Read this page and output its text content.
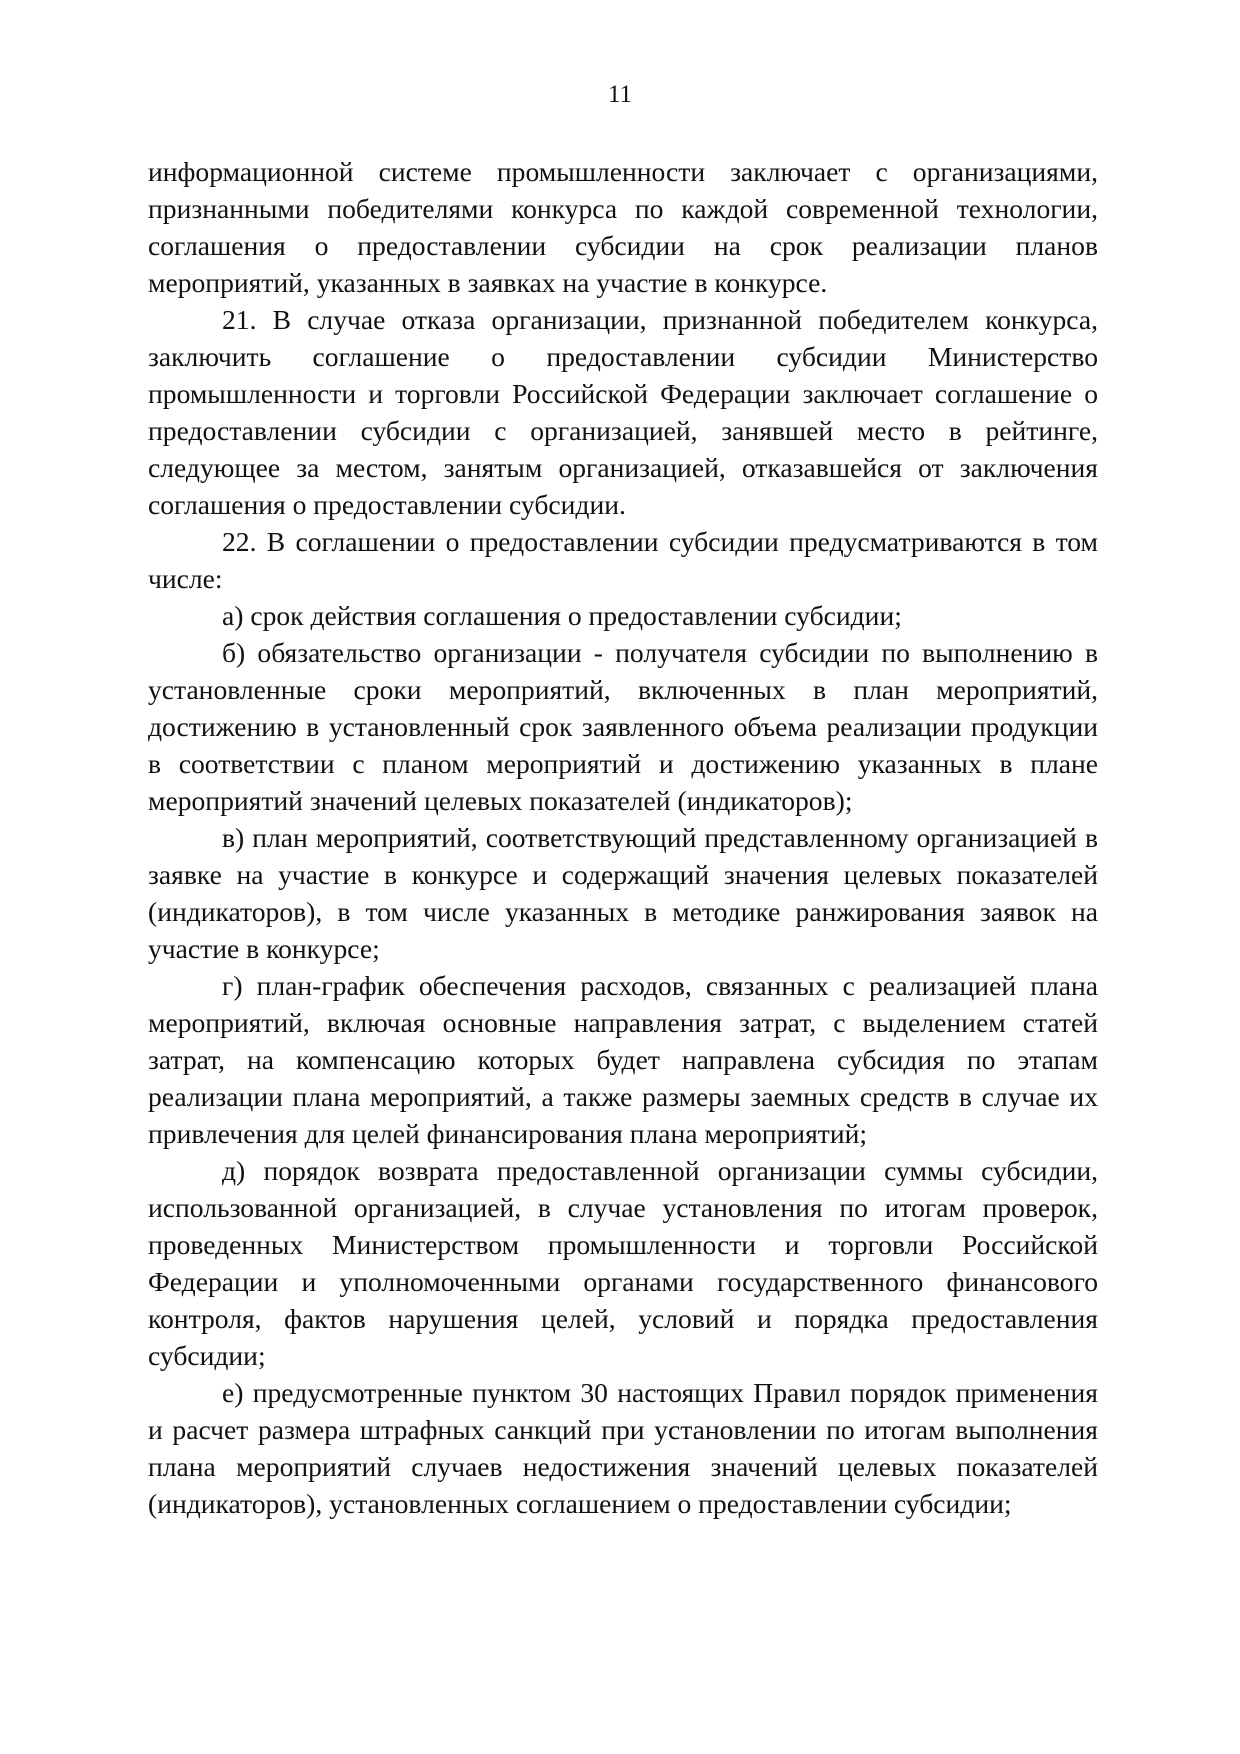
11

информационной системе промышленности заключает с организациями, признанными победителями конкурса по каждой современной технологии, соглашения о предоставлении субсидии на срок реализации планов мероприятий, указанных в заявках на участие в конкурсе.

21. В случае отказа организации, признанной победителем конкурса, заключить соглашение о предоставлении субсидии Министерство промышленности и торговли Российской Федерации заключает соглашение о предоставлении субсидии с организацией, занявшей место в рейтинге, следующее за местом, занятым организацией, отказавшейся от заключения соглашения о предоставлении субсидии.

22. В соглашении о предоставлении субсидии предусматриваются в том числе:

а) срок действия соглашения о предоставлении субсидии;

б) обязательство организации - получателя субсидии по выполнению в установленные сроки мероприятий, включенных в план мероприятий, достижению в установленный срок заявленного объема реализации продукции в соответствии с планом мероприятий и достижению указанных в плане мероприятий значений целевых показателей (индикаторов);

в) план мероприятий, соответствующий представленному организацией в заявке на участие в конкурсе и содержащий значения целевых показателей (индикаторов), в том числе указанных в методике ранжирования заявок на участие в конкурсе;

г) план-график обеспечения расходов, связанных с реализацией плана мероприятий, включая основные направления затрат, с выделением статей затрат, на компенсацию которых будет направлена субсидия по этапам реализации плана мероприятий, а также размеры заемных средств в случае их привлечения для целей финансирования плана мероприятий;

д) порядок возврата предоставленной организации суммы субсидии, использованной организацией, в случае установления по итогам проверок, проведенных Министерством промышленности и торговли Российской Федерации и уполномоченными органами государственного финансового контроля, фактов нарушения целей, условий и порядка предоставления субсидии;

е) предусмотренные пунктом 30 настоящих Правил порядок применения и расчет размера штрафных санкций при установлении по итогам выполнения плана мероприятий случаев недостижения значений целевых показателей (индикаторов), установленных соглашением о предоставлении субсидии;
